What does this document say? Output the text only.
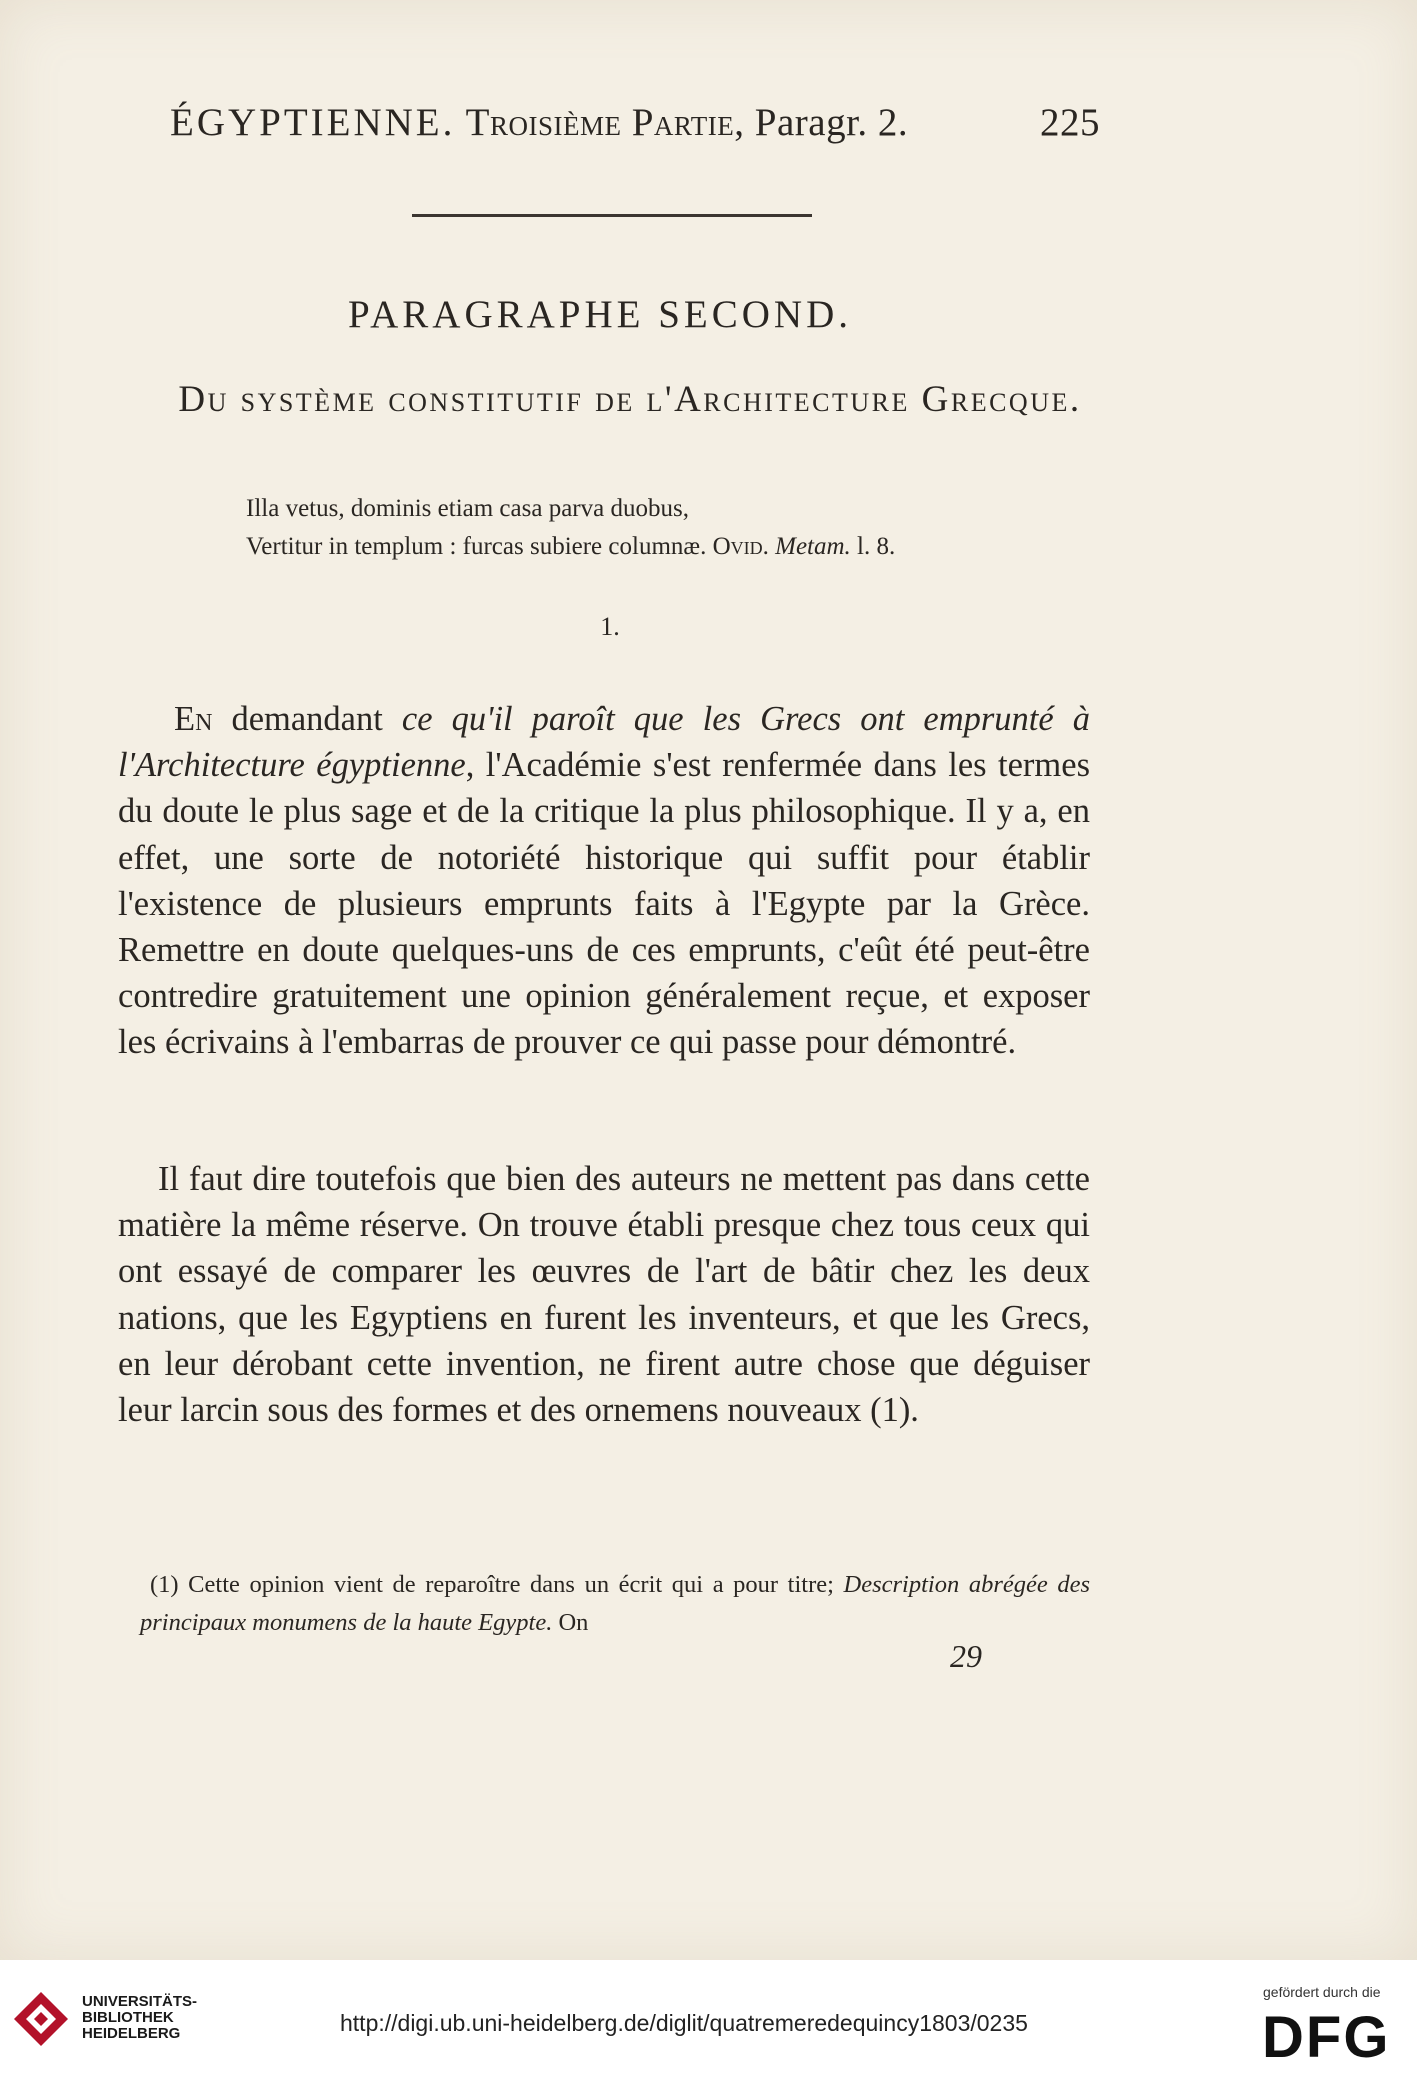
ÉGYPTIENNE. Troisième Partie, Paragr. 2.	225
PARAGRAPHE SECOND.
Du système constitutif de l'Architecture Grecque.
Illa vetus, dominis etiam casa parva duobus,
Vertitur in templum : furcas subiere columnæ. Ovid. Metam. l. 8.
1.
En demandant ce qu'il paroît que les Grecs ont emprunté à l'Architecture égyptienne, l'Académie s'est renfermée dans les termes du doute le plus sage et de la critique la plus philosophique. Il y a, en effet, une sorte de notoriété historique qui suffit pour établir l'existence de plusieurs emprunts faits à l'Egypte par la Grèce. Remettre en doute quelques-uns de ces emprunts, c'eût été peut-être contredire gratuitement une opinion généralement reçue, et exposer les écrivains à l'embarras de prouver ce qui passe pour démontré.
Il faut dire toutefois que bien des auteurs ne mettent pas dans cette matière la même réserve. On trouve établi presque chez tous ceux qui ont essayé de comparer les œuvres de l'art de bâtir chez les deux nations, que les Egyptiens en furent les inventeurs, et que les Grecs, en leur dérobant cette invention, ne firent autre chose que déguiser leur larcin sous des formes et des ornemens nouveaux (1).
(1) Cette opinion vient de reparoître dans un écrit qui a pour titre; Description abrégée des principaux monumens de la haute Egypte. On
29
UNIVERSITÄTS-
BIBLIOTHEK
HEIDELBERG	http://digi.ub.uni-heidelberg.de/diglit/quatremeredequincy1803/0235
gefördert durch die
DFG
